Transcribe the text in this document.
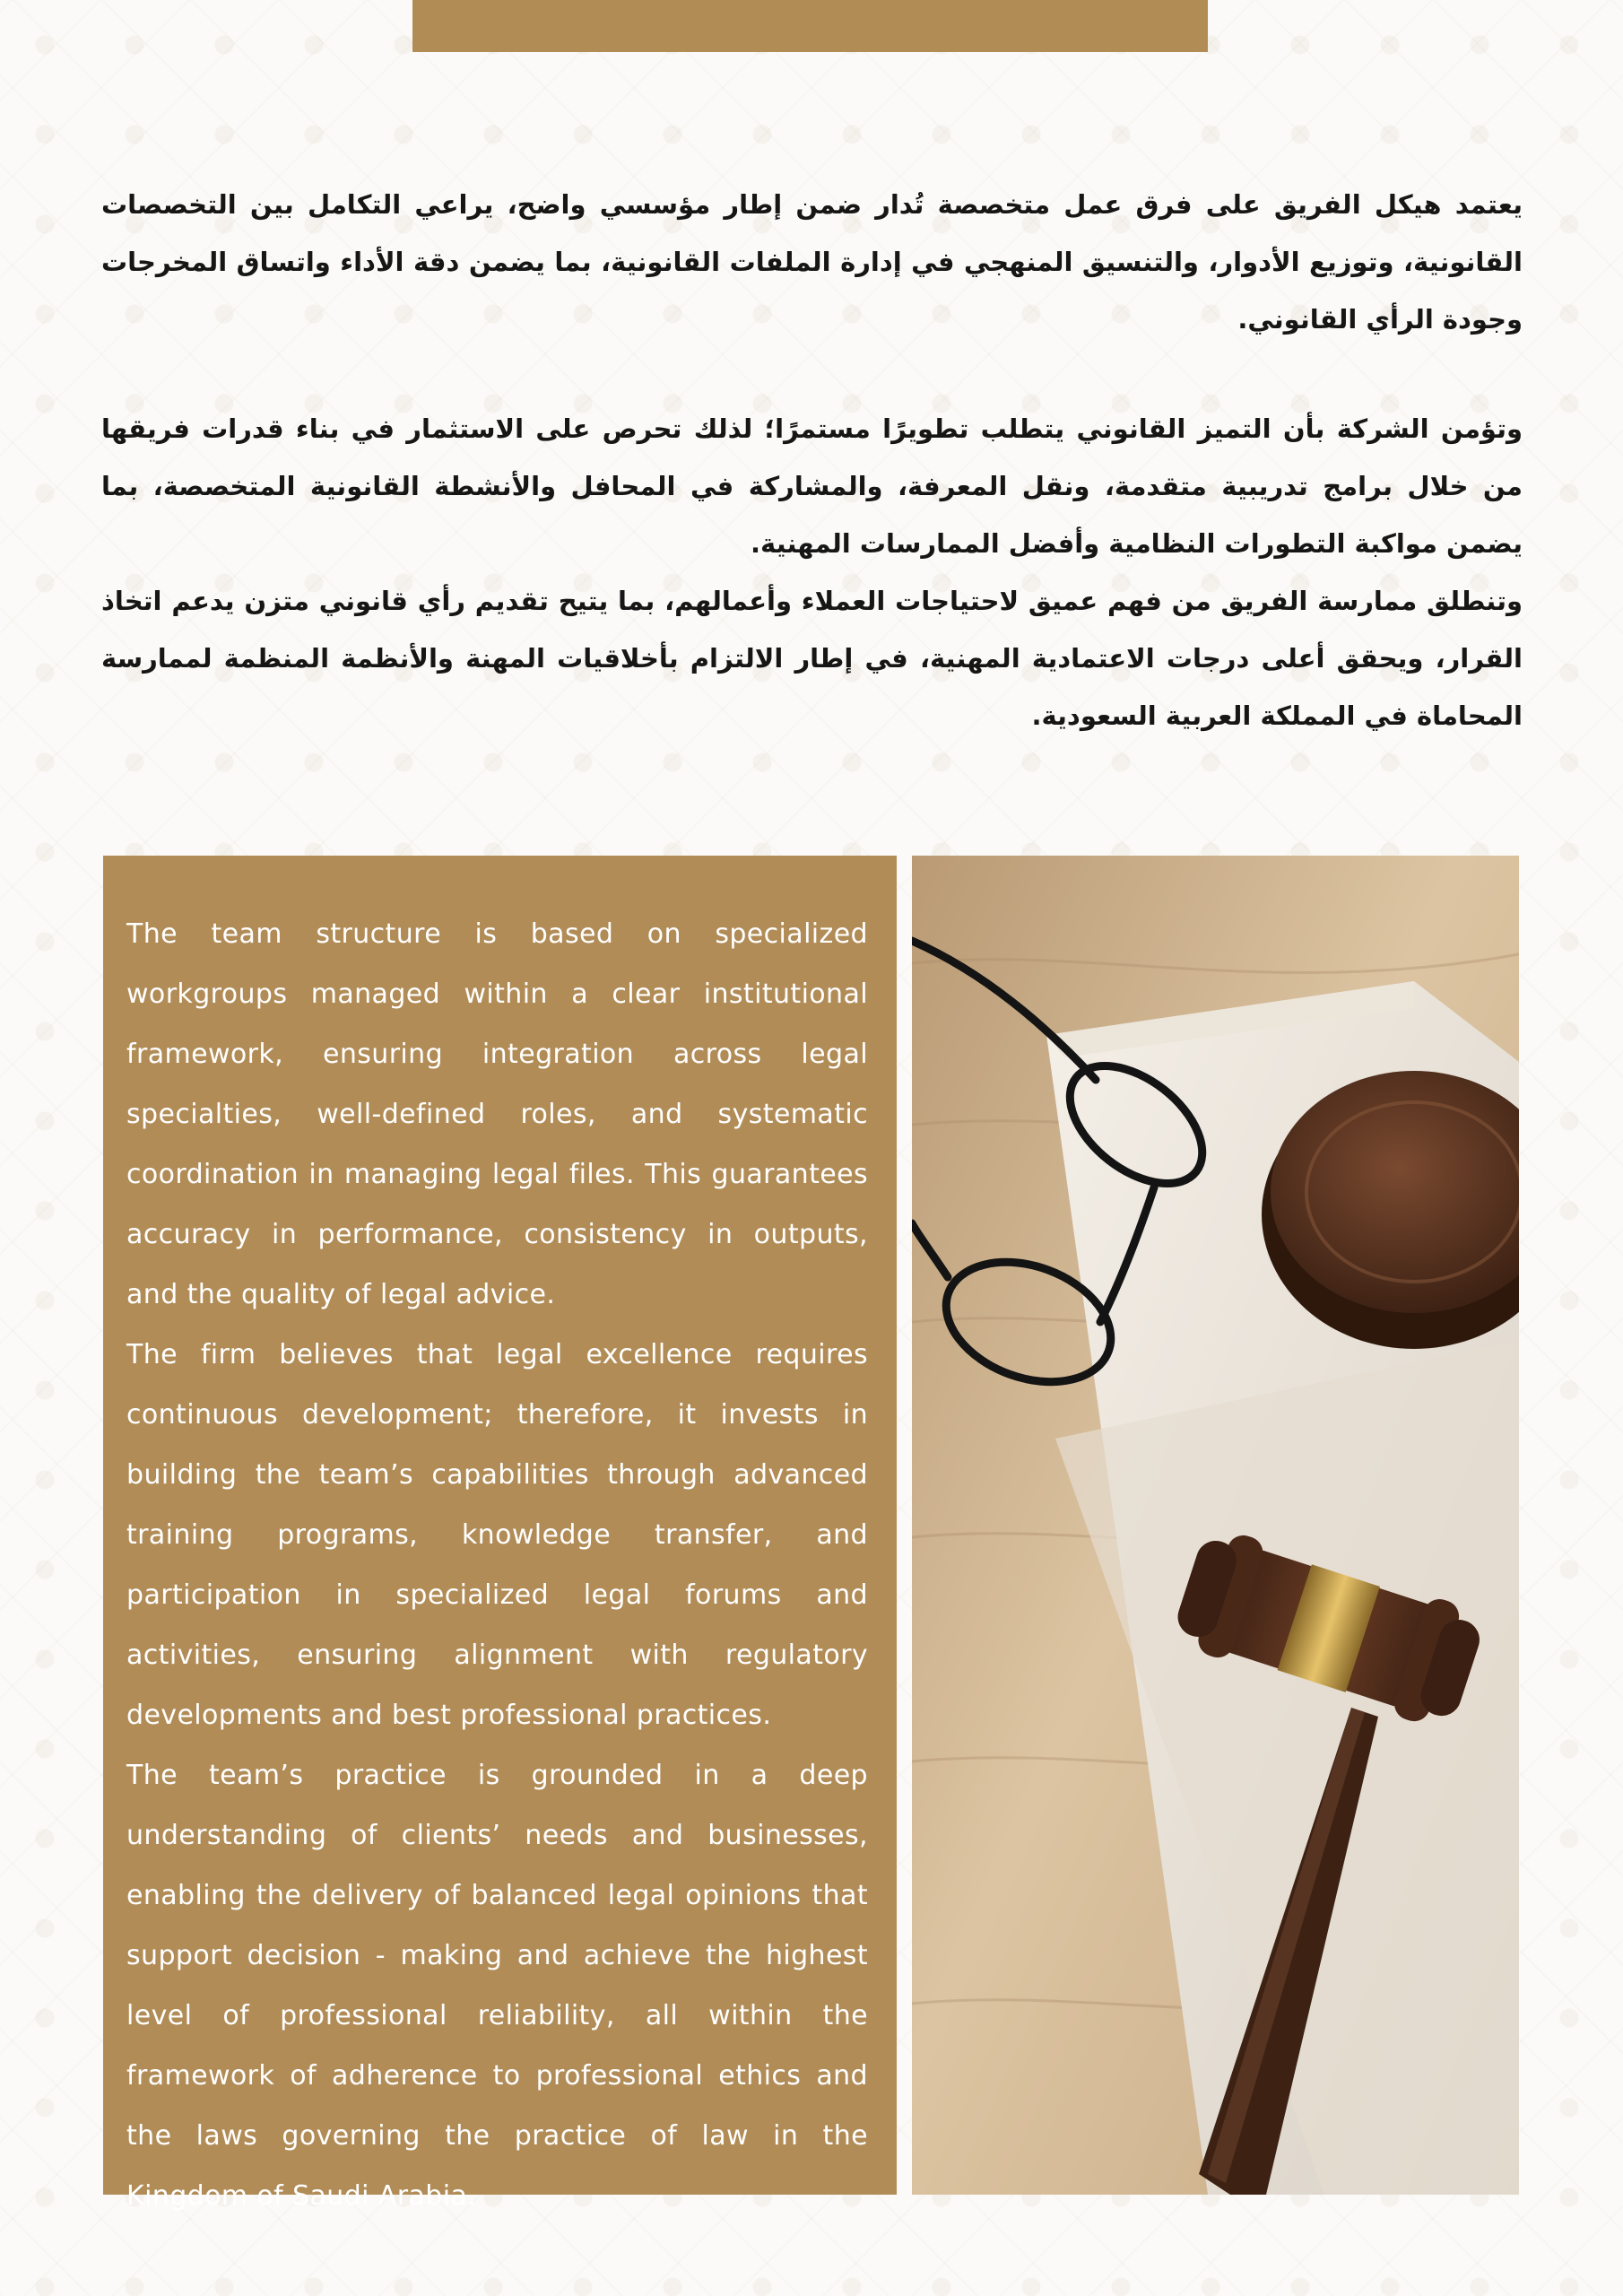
يعتمد هيكل الفريق على فرق عمل متخصصة تُدار ضمن إطار مؤسسي واضح، يراعي التكامل بين التخصصات القانونية، وتوزيع الأدوار، والتنسيق المنهجي في إدارة الملفات القانونية، بما يضمن دقة الأداء واتساق المخرجات وجودة الرأي القانوني.

وتؤمن الشركة بأن التميز القانوني يتطلب تطويرًا مستمرًا؛ لذلك تحرص على الاستثمار في بناء قدرات فريقها من خلال برامج تدريبية متقدمة، ونقل المعرفة، والمشاركة في المحافل والأنشطة القانونية المتخصصة، بما يضمن مواكبة التطورات النظامية وأفضل الممارسات المهنية.

وتنطلق ممارسة الفريق من فهم عميق لاحتياجات العملاء وأعمالهم، بما يتيح تقديم رأي قانوني متزن يدعم اتخاذ القرار، ويحقق أعلى درجات الاعتمادية المهنية، في إطار الالتزام بأخلاقيات المهنة والأنظمة المنظمة لممارسة المحاماة في المملكة العربية السعودية.

The team structure is based on specialized workgroups managed within a clear institutional framework, ensuring integration across legal specialties, well-defined roles, and systematic coordination in managing legal files. This guarantees accuracy in performance, consistency in outputs, and the quality of legal advice.

The firm believes that legal excellence requires continuous development; therefore, it invests in building the team’s capabilities through advanced training programs, knowledge transfer, and participation in specialized legal forums and activities, ensuring alignment with regulatory developments and best professional practices.

The team’s practice is grounded in a deep understanding of clients’ needs and businesses, enabling the delivery of balanced legal opinions that support decision - making and achieve the highest level of professional reliability, all within the framework of adherence to professional ethics and the laws governing the practice of law in the Kingdom of Saudi Arabia.
